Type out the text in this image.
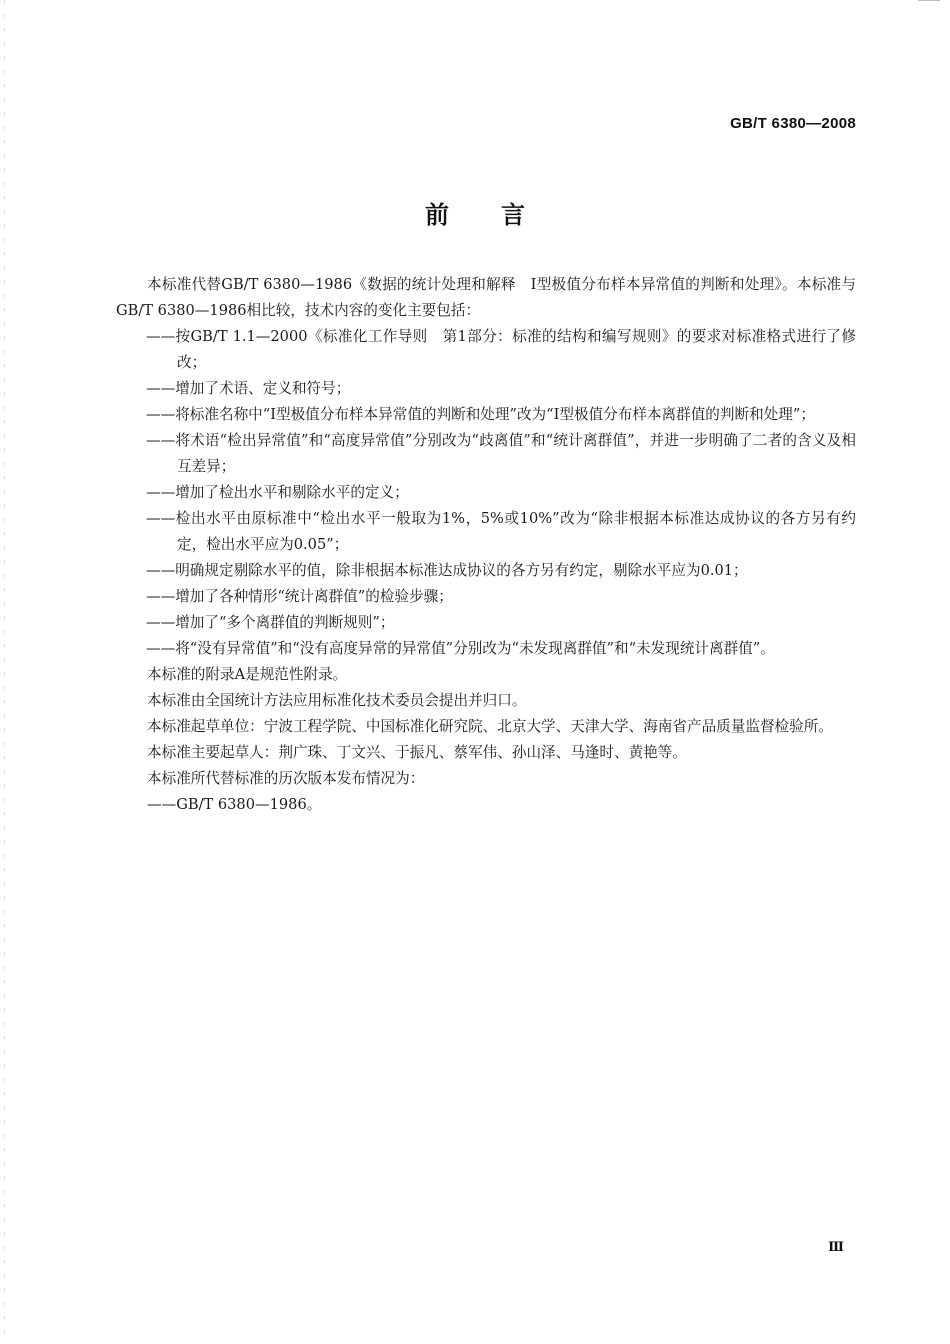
GB/T 6380—2008
前 言

本标准代替GB/T 6380—1986《数据的统计处理和解释　Ⅰ型极值分布样本异常值的判断和处理》。本标准与GB/T 6380—1986相比较，技术内容的变化主要包括：

——按GB/T 1.1—2000《标准化工作导则　第1部分：标准的结构和编写规则》的要求对标准格式进行了修改；

——增加了术语、定义和符号；

——将标准名称中“Ⅰ型极值分布样本异常值的判断和处理”改为“Ⅰ型极值分布样本离群值的判断和处理”；

——将术语“检出异常值”和“高度异常值”分别改为“歧离值”和“统计离群值”，并进一步明确了二者的含义及相互差异；

——增加了检出水平和剔除水平的定义；

——检出水平由原标准中“检出水平一般取为1%，5%或10%”改为“除非根据本标准达成协议的各方另有约定，检出水平应为0.05”；

——明确规定剔除水平的值，除非根据本标准达成协议的各方另有约定，剔除水平应为0.01；

——增加了各种情形“统计离群值”的检验步骤；

——增加了“多个离群值的判断规则”；

——将“没有异常值”和“没有高度异常的异常值”分别改为“未发现离群值”和“未发现统计离群值”。

本标准的附录A是规范性附录。

本标准由全国统计方法应用标准化技术委员会提出并归口。

本标准起草单位：宁波工程学院、中国标准化研究院、北京大学、天津大学、海南省产品质量监督检验所。

本标准主要起草人：荆广珠、丁文兴、于振凡、蔡军伟、孙山泽、马逢时、黄艳等。

本标准所代替标准的历次版本发布情况为：

——GB/T 6380—1986。

Ⅲ
